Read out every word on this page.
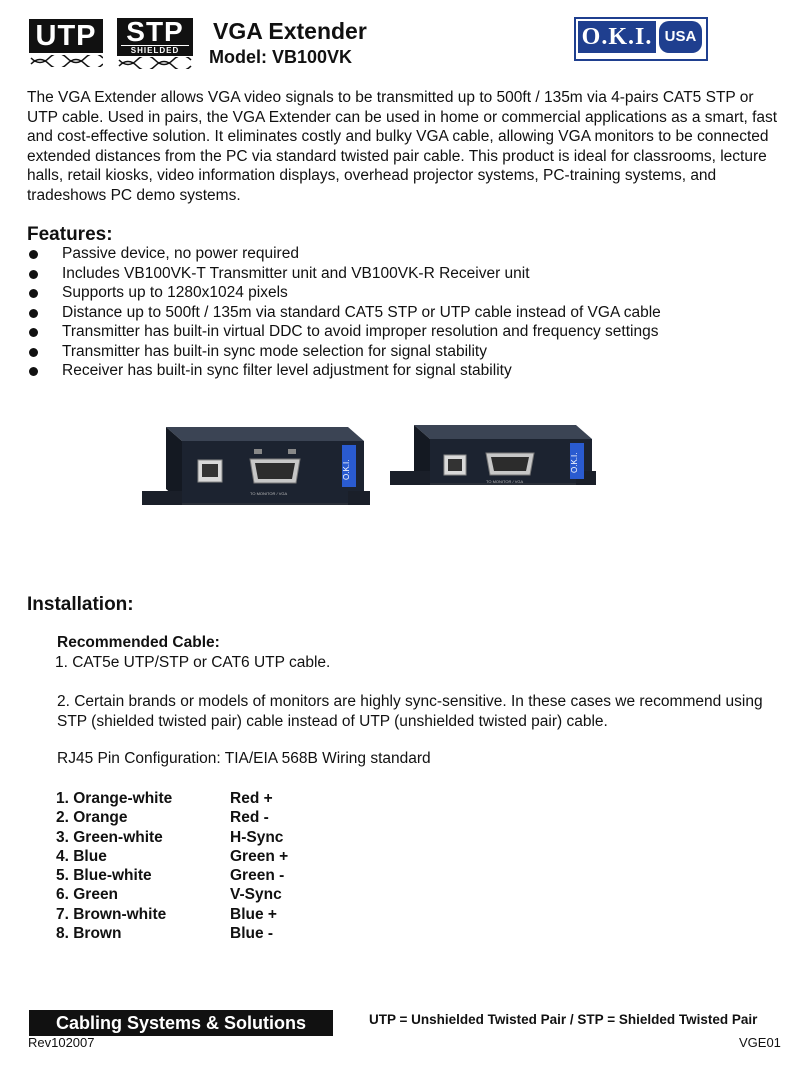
UTP	STP
SHIELDED
VGA Extender
Model: VB100VK
O.K.I. USA

The VGA Extender allows VGA video signals to be transmitted up to 500ft / 135m via 4-pairs CAT5 STP or UTP cable. Used in pairs, the VGA Extender can be used in home or commercial applications as a smart, fast and cost-effective solution. It eliminates costly and bulky VGA cable, allowing VGA monitors to be connected extended distances from the PC via standard twisted pair cable. This product is ideal for classrooms, lecture halls, retail kiosks, video information displays, overhead projector systems, PC-training systems, and tradeshows PC demo systems.

Features:
Passive device, no power required
Includes VB100VK-T Transmitter unit and VB100VK-R Receiver unit
Supports up to 1280x1024 pixels
Distance up to 500ft / 135m via standard CAT5 STP or UTP cable instead of VGA cable
Transmitter has built-in virtual DDC to avoid improper resolution and frequency settings
Transmitter has built-in sync mode selection for signal stability
Receiver has built-in sync filter level adjustment for signal stability
O.K.I.
TO MONITOR / VGA
O.K.I.
TO MONITOR / VGA
Installation:
Recommended Cable:
1. CAT5e UTP/STP or CAT6 UTP cable.

2. Certain brands or models of monitors are highly sync-sensitive. In these cases we recommend using STP (shielded twisted pair) cable instead of UTP (unshielded twisted pair) cable.

RJ45 Pin Configuration: TIA/EIA 568B Wiring standard
1. Orange-white	Red +
2. Orange	Red -
3. Green-white	H-Sync
4. Blue	Green +
5. Blue-white	Green -
6. Green	V-Sync
7. Brown-white	Blue +
8. Brown	Blue -
Cabling Systems & Solutions	UTP = Unshielded Twisted Pair / STP = Shielded Twisted Pair
Rev102007	VGE01
